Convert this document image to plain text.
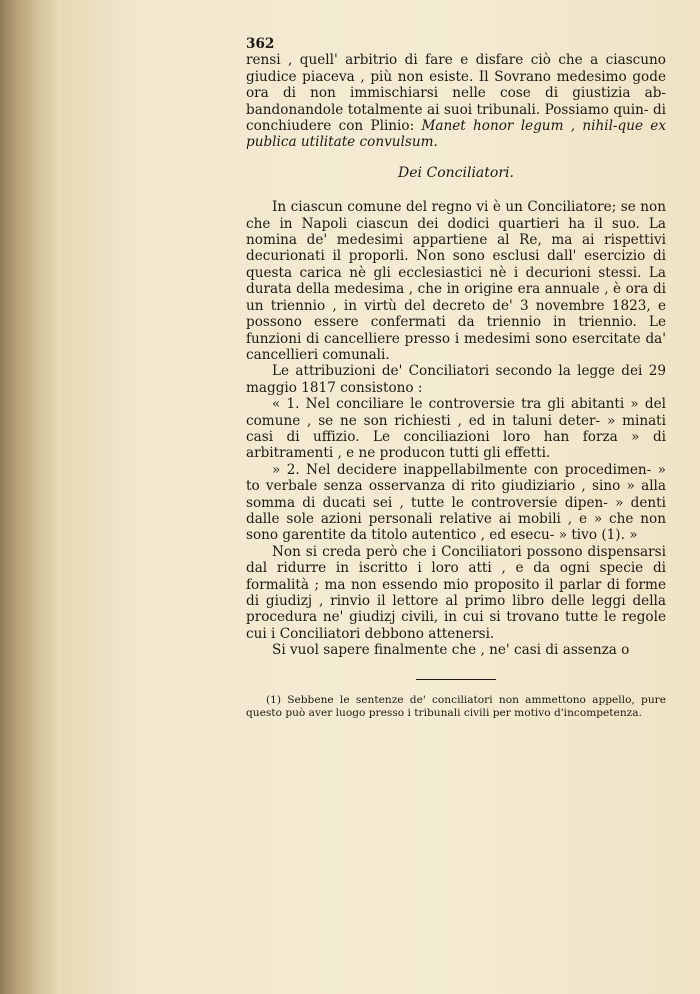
362

rensi , quell' arbitrio di fare e disfare ciò che a ciascuno giudice piaceva , più non esiste. Il Sovrano medesimo gode ora di non immischiarsi nelle cose di giustizia ab- bandonandole totalmente ai suoi tribunali. Possiamo quin- di conchiudere con Plinio: Manet honor legum , nihil-que ex publica utilitate convulsum.

Dei Conciliatori.

In ciascun comune del regno vi è un Conciliatore; se non che in Napoli ciascun dei dodici quartieri ha il suo. La nomina de' medesimi appartiene al Re, ma ai rispettivi decurionati il proporli. Non sono esclusi dall' esercizio di questa carica nè gli ecclesiastici nè i decurioni stessi. La durata della medesima , che in origine era annuale , è ora di un triennio , in virtù del decreto de' 3 novembre 1823, e possono essere confermati da triennio in triennio. Le funzioni di cancelliere presso i medesimi sono esercitate da' cancellieri comunali.

Le attribuzioni de' Conciliatori secondo la legge dei 29 maggio 1817 consistono :

« 1. Nel conciliare le controversie tra gli abitanti » del comune , se ne son richiesti , ed in taluni deter- » minati casi di uffizio. Le conciliazioni loro han forza » di arbitramenti , e ne producon tutti gli effetti.

» 2. Nel decidere inappellabilmente con procedimen- » to verbale senza osservanza di rito giudiziario , sino » alla somma di ducati sei , tutte le controversie dipen- » denti dalle sole azioni personali relative ai mobili , e » che non sono garentite da titolo autentico , ed esecu- » tivo (1). »

Non si creda però che i Conciliatori possono dispensarsi dal ridurre in iscritto i loro atti , e da ogni specie di formalità ; ma non essendo mio proposito il parlar di forme di giudizj , rinvio il lettore al primo libro delle leggi della procedura ne' giudizj civili, in cui si trovano tutte le regole cui i Conciliatori debbono attenersi.

Si vuol sapere finalmente che , ne' casi di assenza o

(1) Sebbene le sentenze de' conciliatori non ammettono appello, pure questo può aver luogo presso i tribunali civili per motivo d'incompetenza.
